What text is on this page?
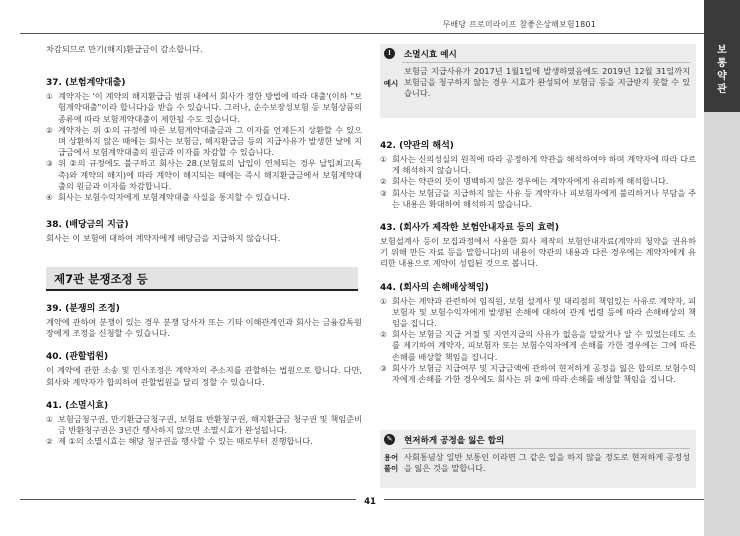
무배당 프로미라이프 참좋은상해보험1801
보
통
약
관
차감되므로 만기(해지)환급금이 감소합니다.
37. (보험계약대출)
① 계약자는 '이 계약의 해지환급금 범위 내에서 회사가 정한 방법에 따라 대출'(이하 "보험계약대출"이라 합니다)을 받을 수 있습니다. 그러나, 순수보장성보험 등 보험상품의 종류에 따라 보험계약대출이 제한될 수도 있습니다.
② 계약자는 위 ①의 규정에 따른 보험계약대출금과 그 이자를 언제든지 상환할 수 있으며 상환하지 않은 때에는 회사는 보험금, 해지환급금 등의 지급사유가 발생한 날에 지급금에서 보험계약대출의 원금과 이자를 차감할 수 있습니다.
③ 위 ②의 규정에도 불구하고 회사는 28.(보험료의 납입이 연체되는 경우 납입최고(독촉)와 계약의 해지)에 따라 계약이 해지되는 때에는 즉시 해지환급금에서 보험계약대출의 원금과 이자를 차감합니다.
④ 회사는 보험수익자에게 보험계약대출 사실을 통지할 수 있습니다.
38. (배당금의 지급)
회사는 이 보험에 대하여 계약자에게 배당금을 지급하지 않습니다.
제7관 분쟁조정 등
39. (분쟁의 조정)
계약에 관하여 분쟁이 있는 경우 분쟁 당사자 또는 기타 이해관계인과 회사는 금융감독원장에게 조정을 신청할 수 있습니다.
40. (관할법원)
이 계약에 관한 소송 및 민사조정은 계약자의 주소지를 관할하는 법원으로 합니다. 다만, 회사와 계약자가 합의하여 관할법원을 달리 정할 수 있습니다.
41. (소멸시효)
① 보험금청구권, 만기환급금청구권, 보험료 반환청구권, 해지환급금 청구권 및 책임준비금 반환청구권은 3년간 행사하지 않으면 소멸시효가 완성됩니다.
② 제 ①의 소멸시효는 해당 청구권을 행사할 수 있는 때로부터 진행합니다.
!
예시
소멸시효 예시
보험금 지급사유가 2017년 1월1일에 발생하였음에도 2019년 12월 31일까지 보험금을 청구하지 않는 경우 시효가 완성되어 보험금 등을 지급받지 못할 수 있습니다.
42. (약관의 해석)
① 회사는 신의성실의 원칙에 따라 공정하게 약관을 해석하여야 하며 계약자에 따라 다르게 해석하지 않습니다.
② 회사는 약관의 뜻이 명백하지 않은 경우에는 계약자에게 유리하게 해석합니다.
③ 회사는 보험금을 지급하지 않는 사유 등 계약자나 피보험자에게 불리하거나 부담을 주는 내용은 확대하여 해석하지 않습니다.
43. (회사가 제작한 보험안내자료 등의 효력)
보험설계사 등이 모집과정에서 사용한 회사 제작의 보험안내자료(계약의 청약을 권유하기 위해 만든 자료 등을 말합니다)의 내용이 약관의 내용과 다른 경우에는 계약자에게 유리한 내용으로 계약이 성립된 것으로 봅니다.
44. (회사의 손해배상책임)
① 회사는 계약과 관련하여 임직원, 보험 설계사 및 대리점의 책임있는 사유로 계약자, 피보험자 및 보험수익자에게 발생된 손해에 대하여 관계 법령 등에 따라 손해배상의 책임을 집니다.
② 회사는 보험금 지급 거절 및 지연지급의 사유가 없음을 알았거나 알 수 있었는데도 소를 제기하여 계약자, 피보험자 또는 보험수익자에게 손해를 가한 경우에는 그에 따른 손해를 배상할 책임을 집니다.
③ 회사가 보험금 지급여부 및 지급금액에 관하여 현저하게 공정을 잃은 합의로 보험수익자에게 손해를 가한 경우에도 회사는 위 ②에 따라 손해를 배상할 책임을 집니다.
✎
용어
풀이
현저하게 공정을 잃은 합의
사회통념상 일반 보통인 이라면 그 같은 일을 하지 않을 정도로 현저하게 공정성을 잃은 것을 말합니다.
41
